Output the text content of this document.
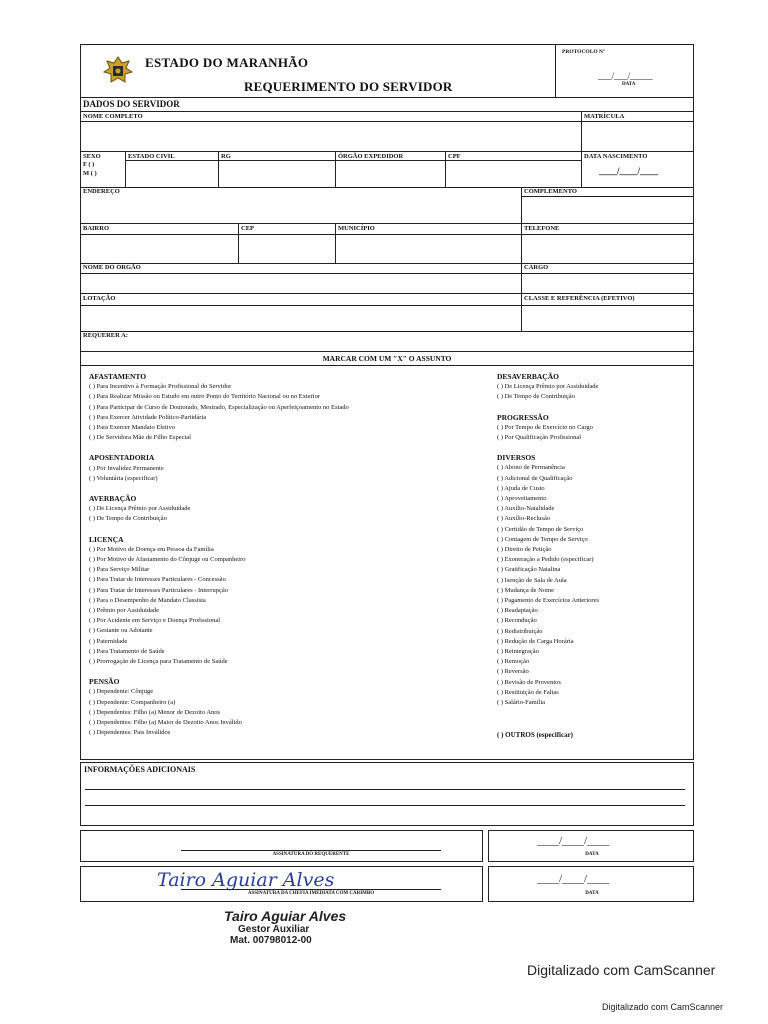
ESTADO DO MARANHÃO
REQUERIMENTO DO SERVIDOR
PROTOCOLO Nº
___/___/_____
DATA
DADOS DO SERVIDOR
NOME COMPLETO	MATRÍCULA
SEXO
F ( )
M ( )
ESTADO CIVIL	RG	ÓRGÃO EXPEDIDOR	CPF	DATA NASCIMENTO
____/____/____
ENDEREÇO	COMPLEMENTO
BAIRRO	CEP	MUNICÍPIO	TELEFONE
NOME DO ÓRGÃO	CARGO
LOTAÇÃO	CLASSE E REFERÊNCIA (EFETIVO)
REQUERER A:
MARCAR COM UM "X" O ASSUNTO
AFASTAMENTO
( ) Para Incentivo à Formação Profissional do Servidor
( ) Para Realizar Missão ou Estudo em outro Ponto do Território Nacional ou no Exterior
( ) Para Participar de Curso de Doutorado, Mestrado, Especialização ou Aperfeiçoamento no Estado
( ) Para Exercer Atividade Político-Partidária
( ) Para Exercer Mandato Eletivo
( ) De Servidora Mãe de Filho Especial
APOSENTADORIA
( ) Por Invalidez Permanente
( ) Voluntária (especificar)
AVERBAÇÃO
( ) De Licença Prêmio por Assiduidade
( ) De Tempo de Contribuição
LICENÇA
( ) Por Motivo de Doença em Pessoa da Família
( ) Por Motivo de Afastamento do Cônjuge ou Companheiro
( ) Para Serviço Militar
( ) Para Tratar de Interesses Particulares - Concessão
( ) Para Tratar de Interesses Particulares - Interrupção
( ) Para o Desempenho de Mandato Classista
( ) Prêmio por Assiduidade
( ) Por Acidente em Serviço e Doença Profissional
( ) Gestante ou Adotante
( ) Paternidade
( ) Para Tratamento de Saúde
( ) Prorrogação de Licença para Tratamento de Saúde
PENSÃO
( ) Dependente: Cônjuge
( ) Dependente: Companheiro (a)
( ) Dependentes: Filho (a) Menor de Dezoito Anos
( ) Dependentes: Filho (a) Maior de Dezoito Anos Inválido
( ) Dependentes: Pais Inválidos
DESAVERBAÇÃO
( ) De Licença Prêmio por Assiduidade
( ) De Tempo de Contribuição
PROGRESSÃO
( ) Por Tempo de Exercício no Cargo
( ) Por Qualificação Profissional
DIVERSOS
( ) Abono de Permanência
( ) Adicional de Qualificação
( ) Ajuda de Custo
( ) Aproveitamento
( ) Auxílio-Natalidade
( ) Auxílio-Reclusão
( ) Certidão de Tempo de Serviço
( ) Contagem de Tempo de Serviço
( ) Direito de Petição
( ) Exoneração a Pedido (especificar)
( ) Gratificação Natalina
( ) Isenção de Sala de Aula
( ) Mudança de Nome
( ) Pagamento de Exercícios Anteriores
( ) Readaptação
( ) Recondução
( ) Redistribuição
( ) Redução de Carga Horária
( ) Reintegração
( ) Remoção
( ) Reversão
( ) Revisão de Proventos
( ) Restituição de Faltas
( ) Salário-Família
( ) OUTROS (especificar)
INFORMAÇÕES ADICIONAIS
ASSINATURA DO REQUERENTE
____/____/____
DATA
Tairo Aguiar Alves
ASSINATURA DA CHEFIA IMEDIATA COM CARIMBO
____/____/____
DATA
Tairo Aguiar Alves
Gestor Auxiliar
Mat. 00798012-00
Digitalizado com CamScanner
Digitalizado com CamScanner
